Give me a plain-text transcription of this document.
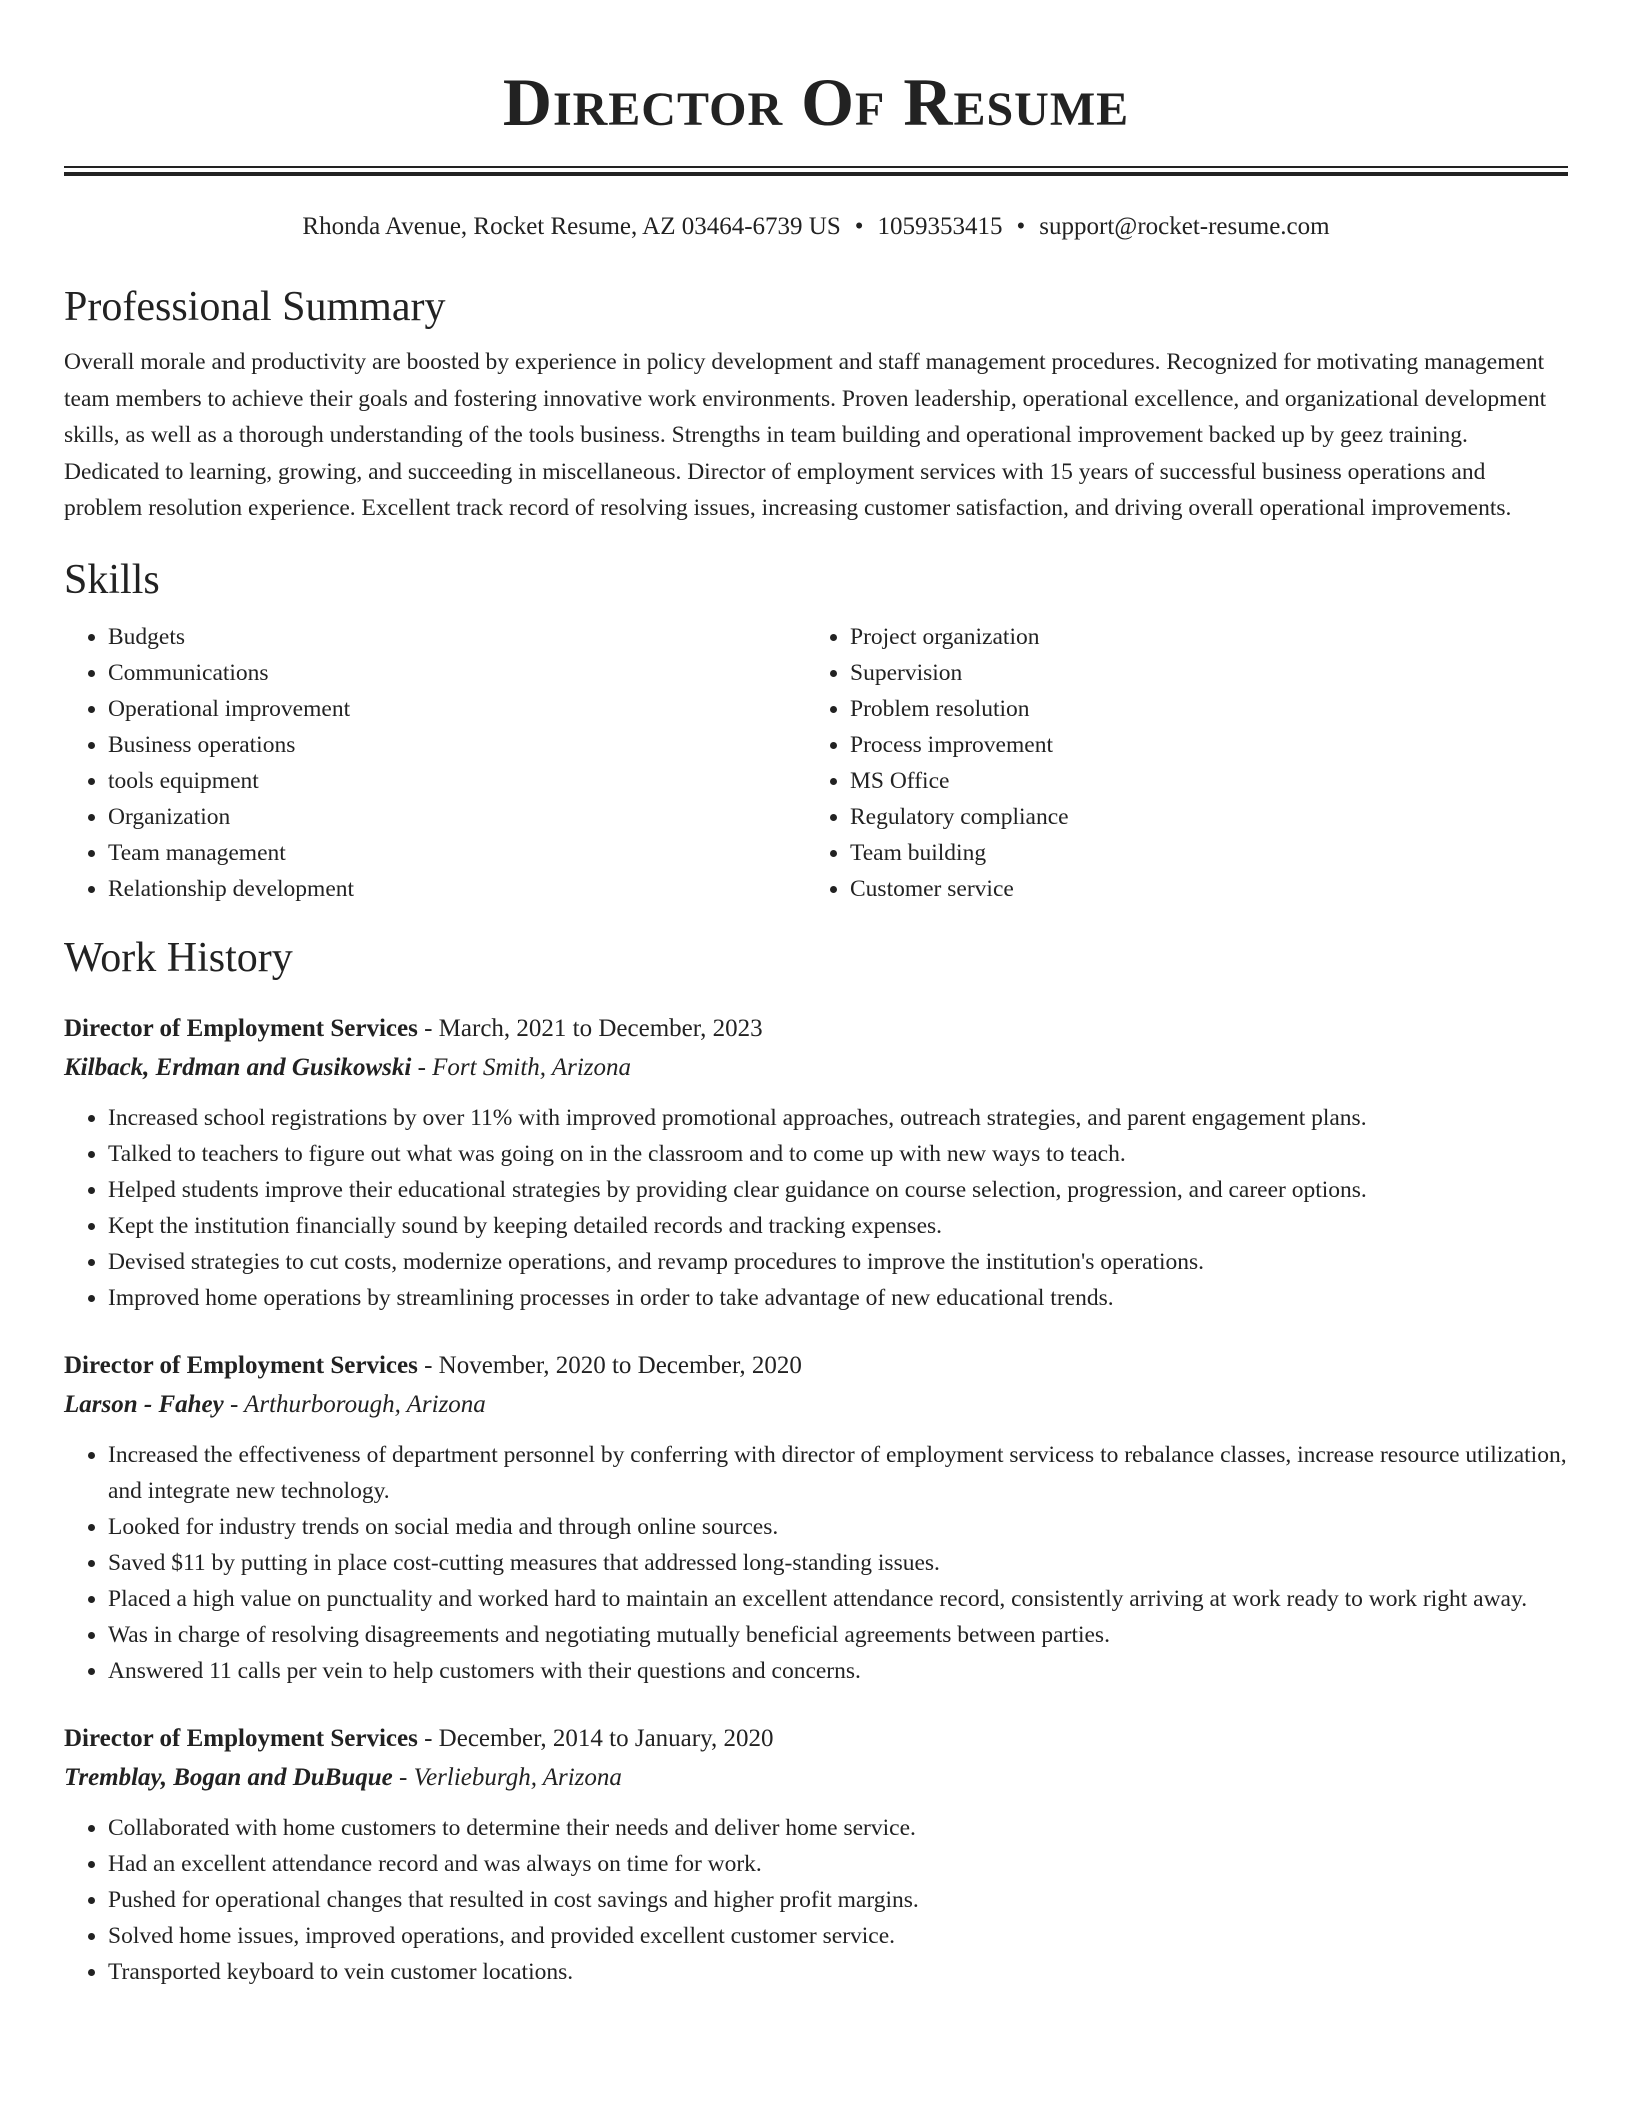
Director Of Resume
Rhonda Avenue, Rocket Resume, AZ 03464-6739 US • 1059353415 • support@rocket-resume.com
Professional Summary

Overall morale and productivity are boosted by experience in policy development and staff management procedures. Recognized for motivating management team members to achieve their goals and fostering innovative work environments. Proven leadership, operational excellence, and organizational development skills, as well as a thorough understanding of the tools business. Strengths in team building and operational improvement backed up by geez training. Dedicated to learning, growing, and succeeding in miscellaneous. Director of employment services with 15 years of successful business operations and problem resolution experience. Excellent track record of resolving issues, increasing customer satisfaction, and driving overall operational improvements.

Skills
• Budgets
• Communications
• Operational improvement
• Business operations
• tools equipment
• Organization
• Team management
• Relationship development
• Project organization
• Supervision
• Problem resolution
• Process improvement
• MS Office
• Regulatory compliance
• Team building
• Customer service
Work History
Director of Employment Services - March, 2021 to December, 2023
Kilback, Erdman and Gusikowski - Fort Smith, Arizona
• Increased school registrations by over 11% with improved promotional approaches, outreach strategies, and parent engagement plans.
• Talked to teachers to figure out what was going on in the classroom and to come up with new ways to teach.
• Helped students improve their educational strategies by providing clear guidance on course selection, progression, and career options.
• Kept the institution financially sound by keeping detailed records and tracking expenses.
• Devised strategies to cut costs, modernize operations, and revamp procedures to improve the institution's operations.
• Improved home operations by streamlining processes in order to take advantage of new educational trends.
Director of Employment Services - November, 2020 to December, 2020
Larson - Fahey - Arthurborough, Arizona
• Increased the effectiveness of department personnel by conferring with director of employment servicess to rebalance classes, increase resource utilization, and integrate new technology.
• Looked for industry trends on social media and through online sources.
• Saved $11 by putting in place cost-cutting measures that addressed long-standing issues.
• Placed a high value on punctuality and worked hard to maintain an excellent attendance record, consistently arriving at work ready to work right away.
• Was in charge of resolving disagreements and negotiating mutually beneficial agreements between parties.
• Answered 11 calls per vein to help customers with their questions and concerns.
Director of Employment Services - December, 2014 to January, 2020
Tremblay, Bogan and DuBuque - Verlieburgh, Arizona
• Collaborated with home customers to determine their needs and deliver home service.
• Had an excellent attendance record and was always on time for work.
• Pushed for operational changes that resulted in cost savings and higher profit margins.
• Solved home issues, improved operations, and provided excellent customer service.
• Transported keyboard to vein customer locations.
